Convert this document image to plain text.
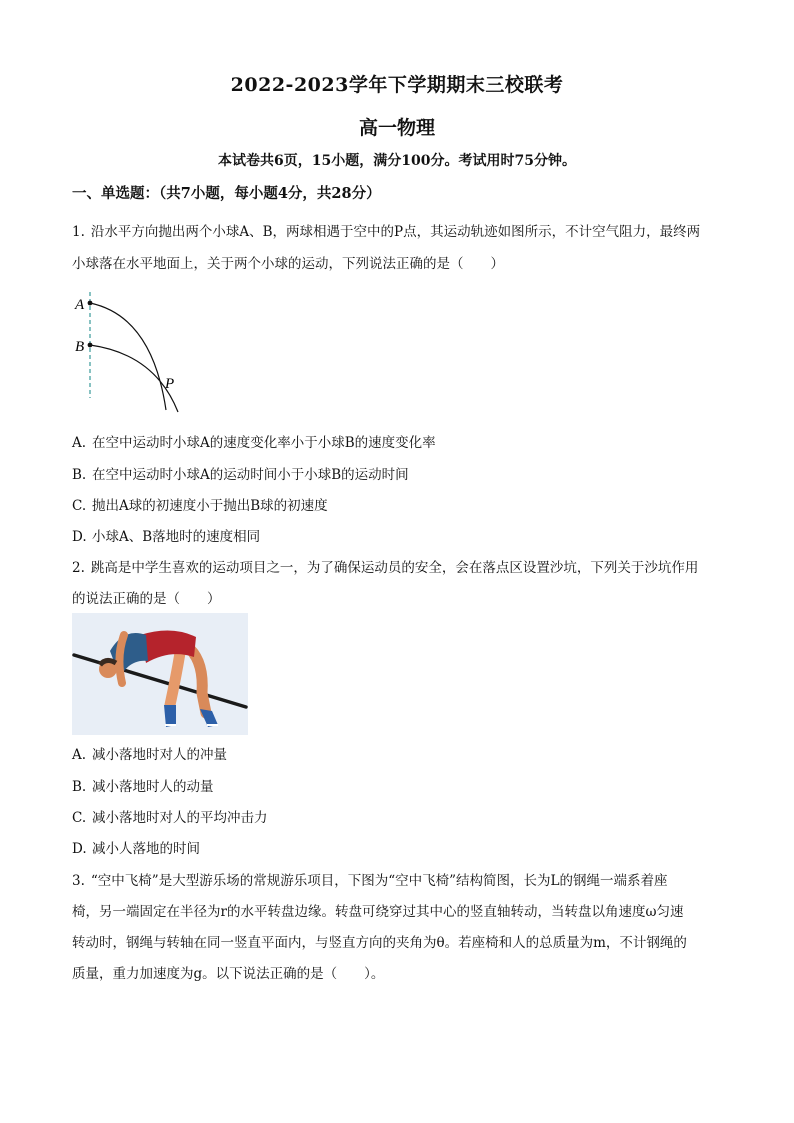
2022-2023学年下学期期末三校联考
高一物理
本试卷共6页，15小题，满分100分。考试用时75分钟。
一、单选题：（共7小题，每小题4分，共28分）
1. 沿水平方向抛出两个小球A、B，两球相遇于空中的P点，其运动轨迹如图所示，不计空气阻力，最终两
小球落在水平地面上，关于两个小球的运动，下列说法正确的是（　　）
A
B
P
A. 在空中运动时小球A的速度变化率小于小球B的速度变化率
B. 在空中运动时小球A的运动时间小于小球B的运动时间
C. 抛出A球的初速度小于抛出B球的初速度
D. 小球A、B落地时的速度相同
2. 跳高是中学生喜欢的运动项目之一，为了确保运动员的安全，会在落点区设置沙坑，下列关于沙坑作用
的说法正确的是（　　）
A. 减小落地时对人的冲量
B. 减小落地时人的动量
C. 减小落地时对人的平均冲击力
D. 减小人落地的时间
3. “空中飞椅”是大型游乐场的常规游乐项目，下图为“空中飞椅”结构简图，长为L的钢绳一端系着座
椅，另一端固定在半径为r的水平转盘边缘。转盘可绕穿过其中心的竖直轴转动，当转盘以角速度ω匀速
转动时，钢绳与转轴在同一竖直平面内，与竖直方向的夹角为θ。若座椅和人的总质量为m，不计钢绳的
质量，重力加速度为g。以下说法正确的是（　　）。
